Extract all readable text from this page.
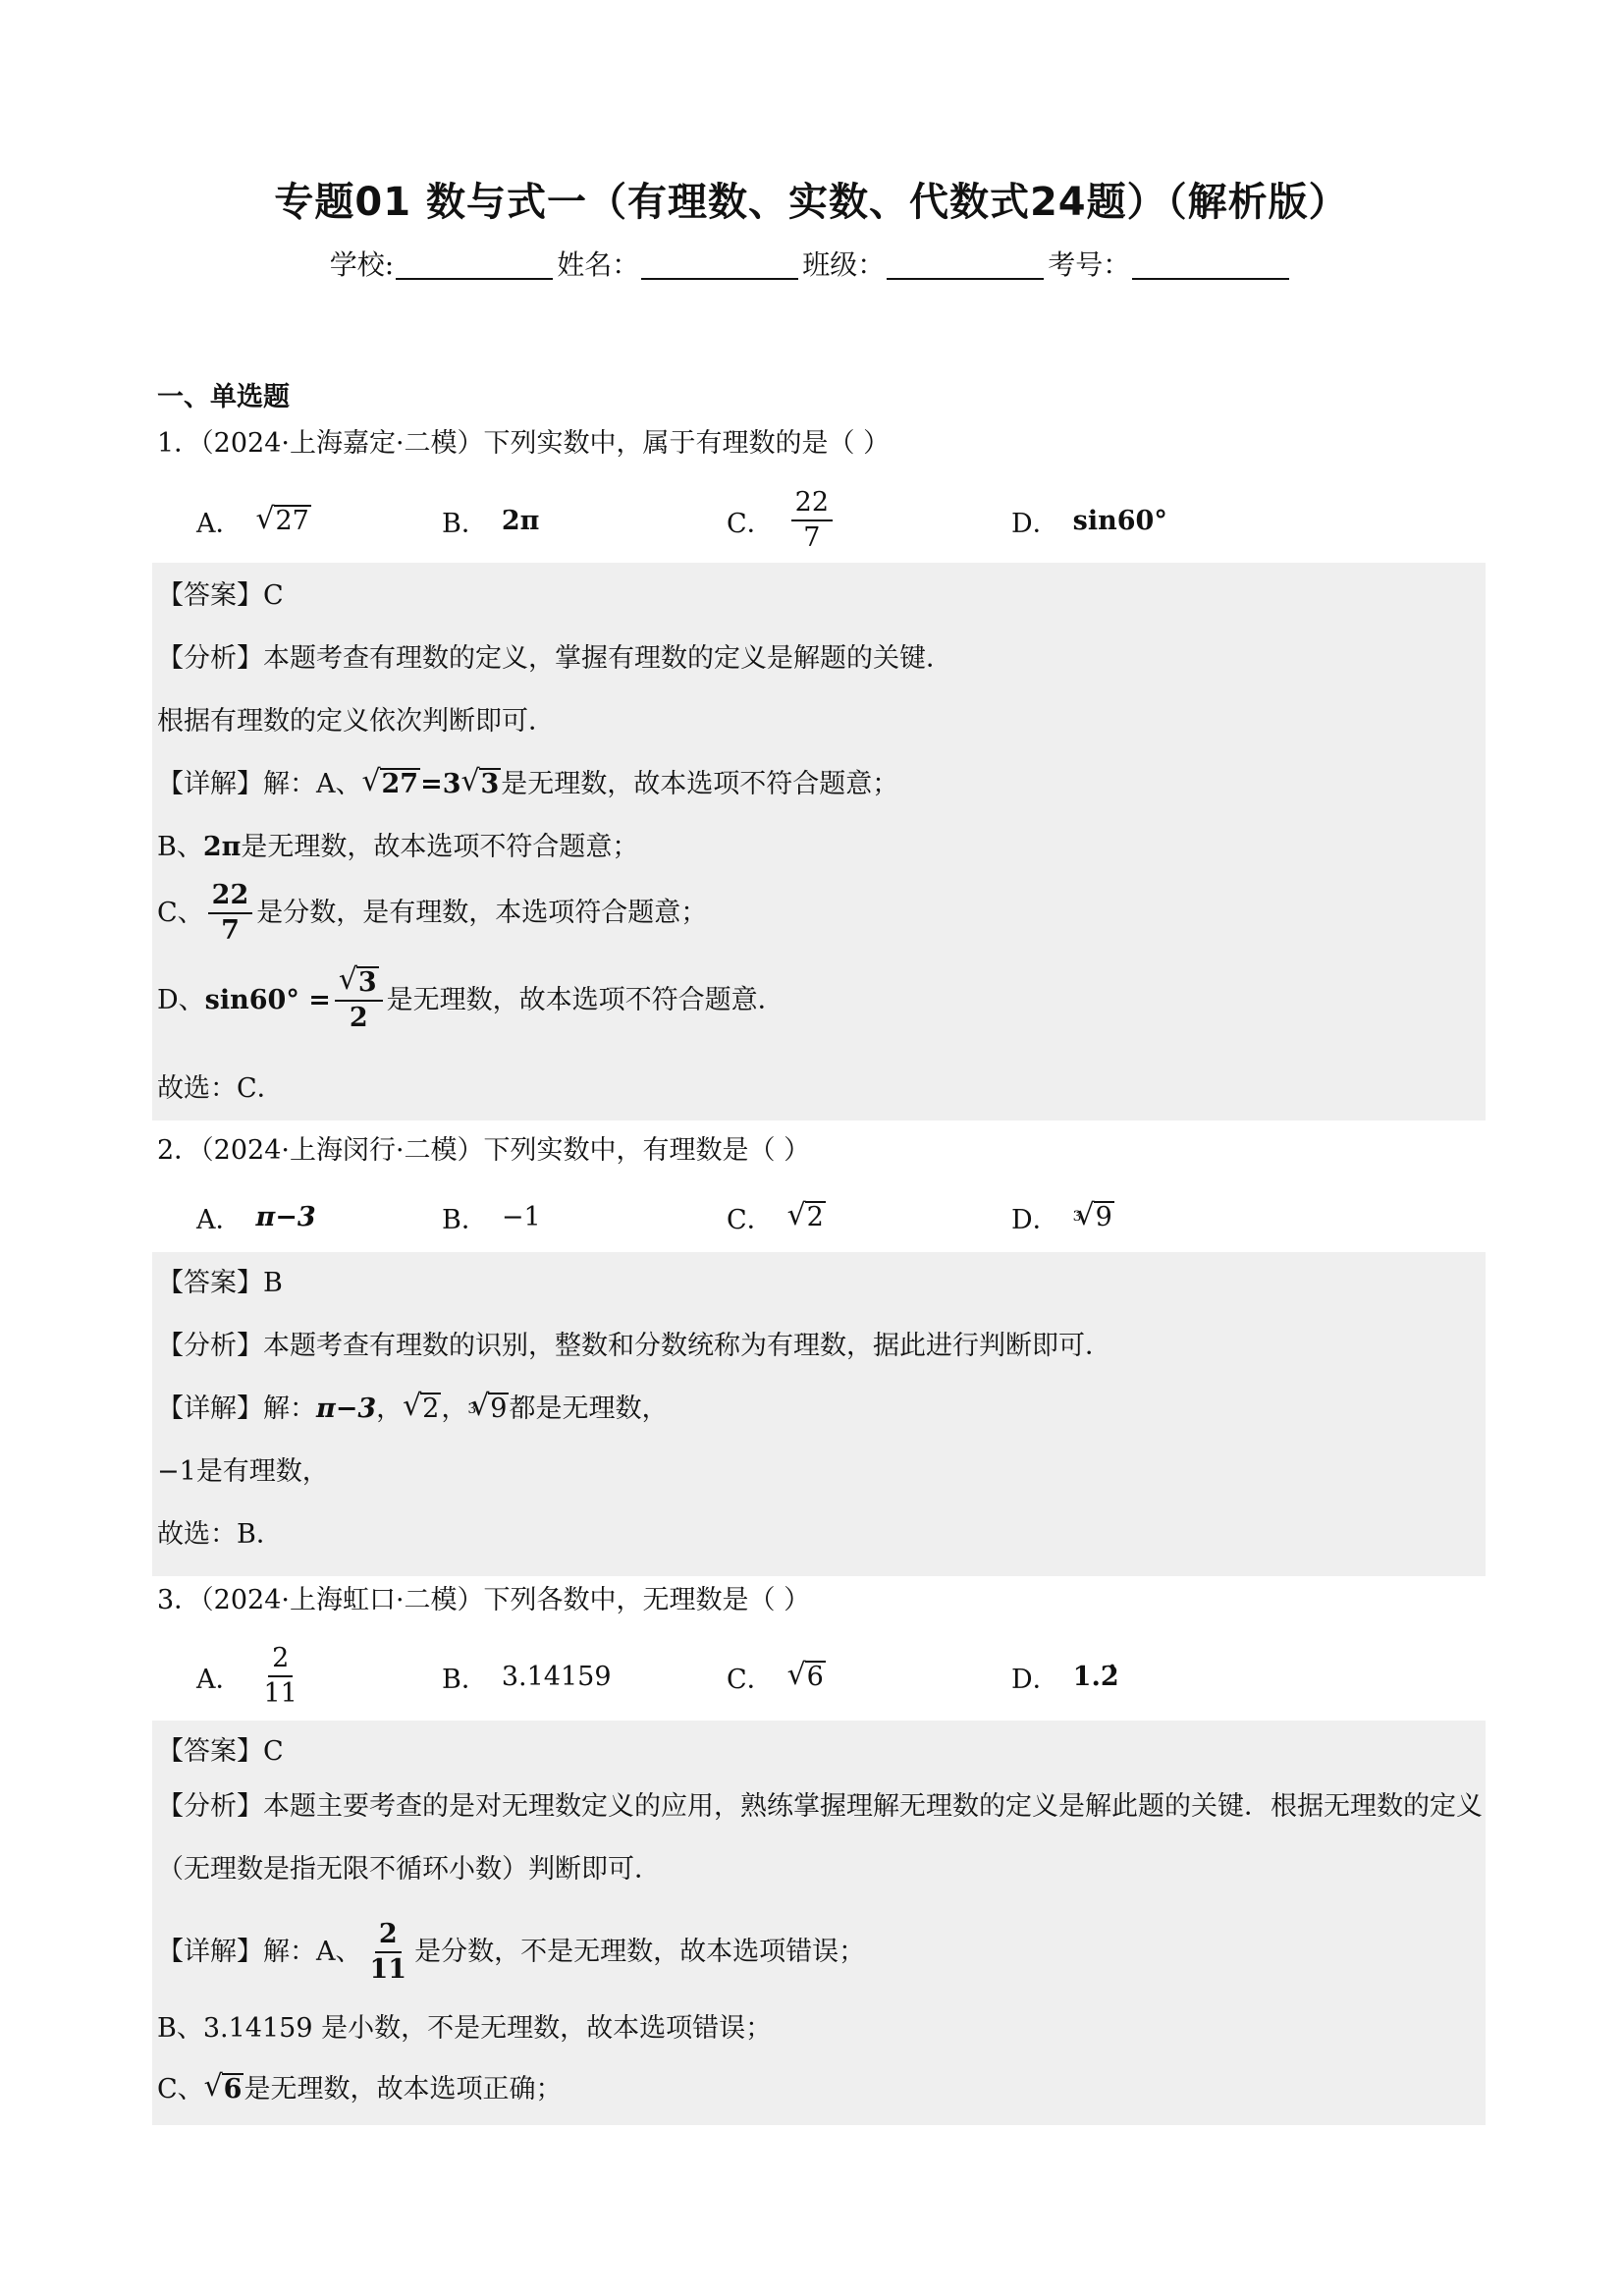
专题01 数与式一（有理数、实数、代数式24题）（解析版）
学校:	姓名：	班级：	考号：
一、单选题
1．（2024·上海嘉定·二模）下列实数中，属于有理数的是（ ）
A．	√ 27	B． 2π	C． $\frac{22}{7}$	D． sin60°
【答案】C
【分析】本题考查有理数的定义，掌握有理数的定义是解题的关键．
根据有理数的定义依次判断即可．
【详解】解：A、 √ 27 =3 √ 3 是无理数，故本选项不符合题意；
B、 2π 是无理数，故本选项不符合题意；
C、 $\frac{22}{7}$ 是分数，是有理数，本选项符合题意；
D、 sin60° = √ $\frac{3}{2}$ 是无理数，故本选项不符合题意．
故选：C．
2．（2024·上海闵行·二模）下列实数中，有理数是（ ）
A． π−3	B． −1	C．	√ 2	D． 3 √ 9
【答案】B
【分析】本题考查有理数的识别，整数和分数统称为有理数，据此进行判断即可．
【详解】解： π−3 ， √ 2 ， 3 √ 9 都是无理数，
−1 是有理数，
故选：B．
3．（2024·上海虹口·二模）下列各数中，无理数是（ ）
A． $\frac{2}{11}$	B． 3.14159	C．	√ 6	D． 1.2̇
【答案】C
【分析】本题主要考查的是对无理数定义的应用，熟练掌握理解无理数的定义是解此题的关键．根据无理数的定义（无理数是指无限不循环小数）判断即可．
【详解】解：A、 $\frac{2}{11}$ 是分数，不是无理数，故本选项错误；
B、3.14159 是小数，不是无理数，故本选项错误；
C、 √ 6 是无理数，故本选项正确；
